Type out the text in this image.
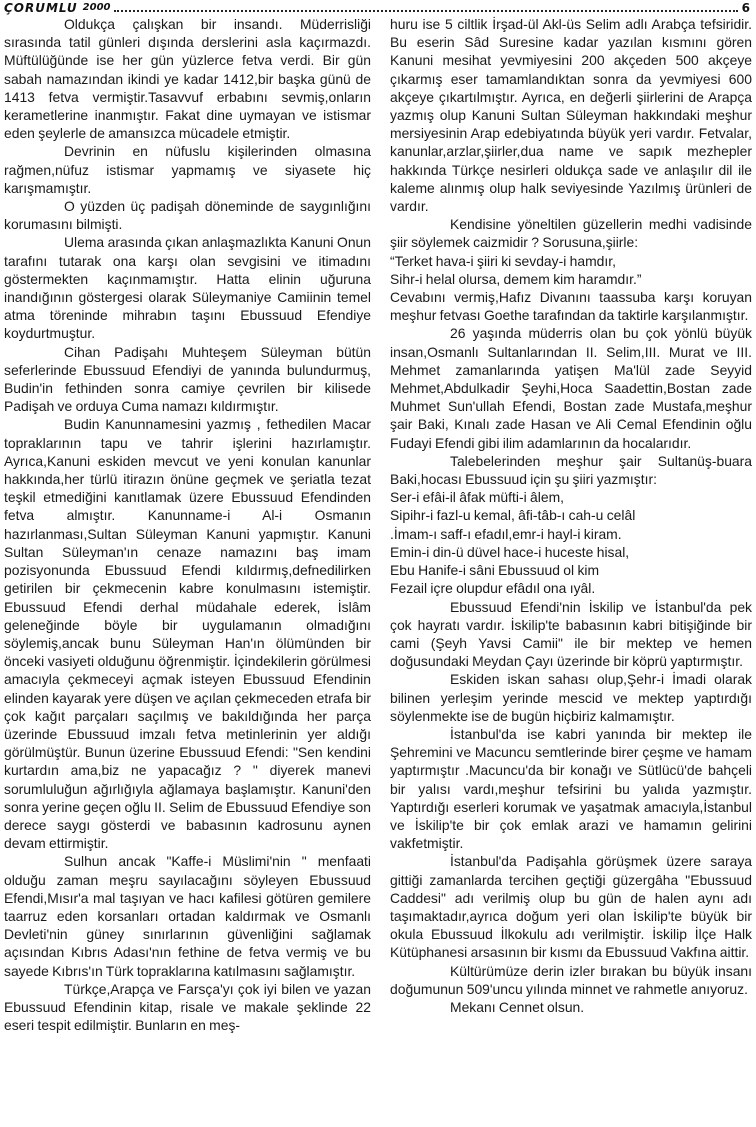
ÇORUMLU 2000	6

Oldukça çalışkan bir insandı. Müderrisliği sırasında tatil günleri dışında derslerini asla kaçırmazdı. Müftülüğünde ise her gün yüzlerce fetva verdi. Bir gün sabah namazından ikindi ye kadar 1412,bir başka günü de 1413 fetva vermiştir.Tasavvuf erbabını sevmiş,onların kerametlerine inanmıştır. Fakat dine uymayan ve istismar eden şeylerle de amansızca mücadele etmiştir.

Devrinin en nüfuslu kişilerinden olmasına rağmen,nüfuz istismar yapmamış ve siyasete hiç karışmamıştır.

O yüzden üç padişah döneminde de saygınlığını korumasını bilmişti.

Ulema arasında çıkan anlaşmazlıkta Kanuni Onun tarafını tutarak ona karşı olan sevgisini ve itimadını göstermekten kaçınmamıştır. Hatta elinin uğuruna inandığının göstergesi olarak Süleymaniye Camiinin temel atma töreninde mihrabın taşını Ebussuud Efendiye koydurtmuştur.

Cihan Padişahı Muhteşem Süleyman bütün seferlerinde Ebussuud Efendiyi de yanında bulundurmuş, Budin'in fethinden sonra camiye çevrilen bir kilisede Padişah ve orduya Cuma namazı kıldırmıştır.

Budin Kanunnamesini yazmış , fethedilen Macar topraklarının tapu ve tahrir işlerini hazırlamıştır. Ayrıca,Kanuni eskiden mevcut ve yeni konulan kanunlar hakkında,her türlü itirazın önüne geçmek ve şeriatla tezat teşkil etmediğini kanıtlamak üzere Ebussuud Efendinden fetva almıştır. Kanunname-i Al-i Osmanın hazırlanması,Sultan Süleyman Kanuni yapmıştır. Kanuni Sultan Süleyman'ın cenaze namazını baş imam pozisyonunda Ebussuud Efendi kıldırmış,defnedilirken getirilen bir çekmecenin kabre konulmasını istemiştir. Ebussuud Efendi derhal müdahale ederek, İslâm geleneğinde böyle bir uygulamanın olmadığını söylemiş,ancak bunu Süleyman Han'ın ölümünden bir önceki vasiyeti olduğunu öğrenmiştir. İçindekilerin görülmesi amacıyla çekmeceyi açmak isteyen Ebussuud Efendinin elinden kayarak yere düşen ve açılan çekmeceden etrafa bir çok kağıt parçaları saçılmış ve bakıldığında her parça üzerinde Ebussuud imzalı fetva metinlerinin yer aldığı görülmüştür. Bunun üzerine Ebussuud Efendi: "Sen kendini kurtardın ama,biz ne yapacağız ? " diyerek manevi sorumluluğun ağırlığıyla ağlamaya başlamıştır. Kanuni'den sonra yerine geçen oğlu II. Selim de Ebussuud Efendiye son derece saygı gösterdi ve babasının kadrosunu aynen devam ettirmiştir.

Sulhun ancak "Kaffe-i Müslimi'nin " menfaati olduğu zaman meşru sayılacağını söyleyen Ebussuud Efendi,Mısır'a mal taşıyan ve hacı kafilesi götüren gemilere taarruz eden korsanları ortadan kaldırmak ve Osmanlı Devleti'nin güney sınırlarının güvenliğini sağlamak açısından Kıbrıs Adası'nın fethine de fetva vermiş ve bu sayede Kıbrıs'ın Türk topraklarına katılmasını sağlamıştır.

Türkçe,Arapça ve Farsça'yı çok iyi bilen ve yazan Ebussuud Efendinin kitap, risale ve makale şeklinde 22 eseri tespit edilmiştir. Bunların en meş-

huru ise 5 ciltlik İrşad-ül Akl-üs Selim adlı Arabça tefsiridir. Bu eserin Sâd Suresine kadar yazılan kısmını gören Kanuni mesihat yevmiyesini 200 akçeden 500 akçeye çıkarmış eser tamamlandıktan sonra da yevmiyesi 600 akçeye çıkartılmıştır. Ayrıca, en değerli şiirlerini de Arapça yazmış olup Kanuni Sultan Süleyman hakkındaki meşhur mersiyesinin Arap edebiyatında büyük yeri vardır. Fetvalar, kanunlar,arzlar,şiirler,dua name ve sapık mezhepler hakkında Türkçe nesirleri oldukça sade ve anlaşılır dil ile kaleme alınmış olup halk seviyesinde Yazılmış ürünleri de vardır.

Kendisine yöneltilen güzellerin medhi vadisinde şiir söylemek caizmidir ? Sorusuna,şiirle:

“Terket hava-i şiiri ki sevday-i hamdır,

Sihr-i helal olursa, demem kim haramdır.”

Cevabını vermiş,Hafız Divanını taassuba karşı koruyan meşhur fetvası Goethe tarafından da taktirle karşılanmıştır.

26 yaşında müderris olan bu çok yönlü büyük insan,Osmanlı Sultanlarından II. Selim,III. Murat ve III. Mehmet zamanlarında yatişen Ma'lül zade Seyyid Mehmet,Abdulkadir Şeyhi,Hoca Saadettin,Bostan zade Muhmet Sun'ullah Efendi, Bostan zade Mustafa,meşhur şair Baki, Kınalı zade Hasan ve Ali Cemal Efendinin oğlu Fudayi Efendi gibi ilim adamlarının da hocalarıdır.

Talebelerinden meşhur şair Sultanüş-buara Baki,hocası Ebussuud için şu şiiri yazmıştır:

Ser-i efâi-il âfak müfti-i âlem,

Sipihr-i fazl-u kemal, âfi-tâb-ı cah-u celâl

.İmam-ı saff-ı efadıl,emr-i hayl-i kiram.

Emin-i din-ü düvel hace-i huceste hisal,

Ebu Hanife-i sâni Ebussuud ol kim

Fezail içre olupdur efâdıl ona ıyâl.

Ebussuud Efendi'nin İskilip ve İstanbul'da pek çok hayratı vardır. İskilip'te babasının kabri bitişiğinde bir cami (Şeyh Yavsi Camii" ile bir mektep ve hemen doğusundaki Meydan Çayı üzerinde bir köprü yaptırmıştır.

Eskiden iskan sahası olup,Şehr-i İmadi olarak bilinen yerleşim yerinde mescid ve mektep yaptırdığı söylenmekte ise de bugün hiçbiriz kalmamıştır.

İstanbul'da ise kabri yanında bir mektep ile Şehremini ve Macuncu semtlerinde birer çeşme ve hamam yaptırmıştır .Macuncu'da bir konağı ve Sütlücü'de bahçeli bir yalısı vardı,meşhur tefsirini bu yalıda yazmıştır. Yaptırdığı eserleri korumak ve yaşatmak amacıyla,İstanbul ve İskilip'te bir çok emlak arazi ve hamamın gelirini vakfetmiştir.

İstanbul'da Padişahla görüşmek üzere saraya gittiği zamanlarda tercihen geçtiği güzergâha "Ebussuud Caddesi" adı verilmiş olup bu gün de halen aynı adı taşımaktadır,ayrıca doğum yeri olan İskilip'te büyük bir okula Ebussuud İlkokulu adı verilmiştir. İskilip İlçe Halk Kütüphanesi arsasının bir kısmı da Ebussuud Vakfına aittir.

Kültürümüze derin izler bırakan bu büyük insanı doğumunun 509'uncu yılında minnet ve rahmetle anıyoruz.

Mekanı Cennet olsun.
